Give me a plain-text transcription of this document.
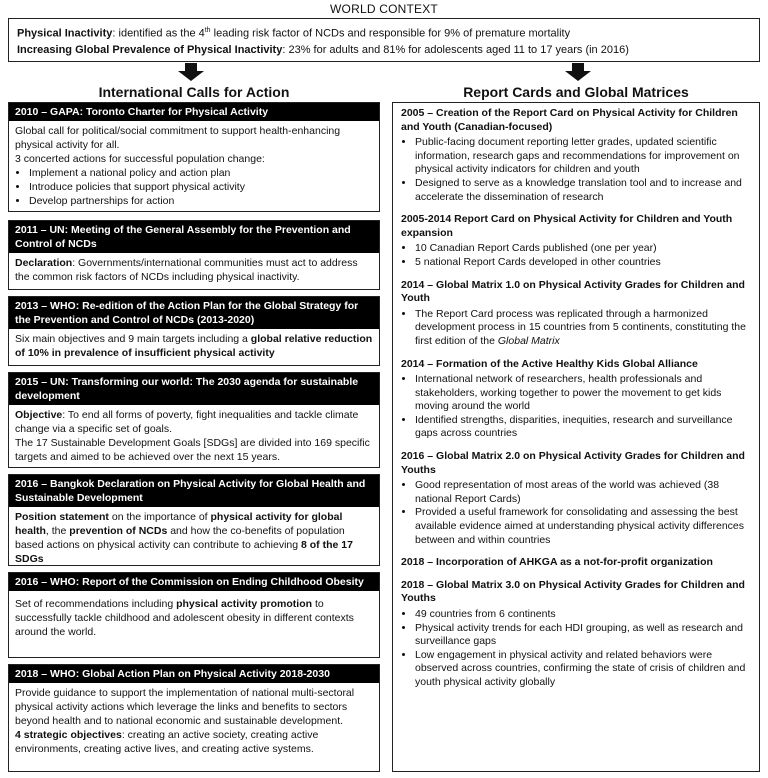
WORLD CONTEXT
Physical Inactivity: identified as the 4th leading risk factor of NCDs and responsible for 9% of premature mortality
Increasing Global Prevalence of Physical Inactivity: 23% for adults and 81% for adolescents aged 11 to 17 years (in 2016)
International Calls for Action	Report Cards and Global Matrices
2010 – GAPA: Toronto Charter for Physical Activity
Global call for political/social commitment to support health-enhancing physical activity for all.
3 concerted actions for successful population change:
• Implement a national policy and action plan
• Introduce policies that support physical activity
• Develop partnerships for action
2011 – UN: Meeting of the General Assembly for the Prevention and Control of NCDs
Declaration: Governments/international communities must act to address the common risk factors of NCDs including physical inactivity.
2013 – WHO: Re-edition of the Action Plan for the Global Strategy for the Prevention and Control of NCDs (2013-2020)
Six main objectives and 9 main targets including a global relative reduction of 10% in prevalence of insufficient physical activity
2015 – UN: Transforming our world: The 2030 agenda for sustainable development
Objective: To end all forms of poverty, fight inequalities and tackle climate change via a specific set of goals.
The 17 Sustainable Development Goals [SDGs] are divided into 169 specific targets and aimed to be achieved over the next 15 years.
2016 – Bangkok Declaration on Physical Activity for Global Health and Sustainable Development
Position statement on the importance of physical activity for global health, the prevention of NCDs and how the co-benefits of population based actions on physical activity can contribute to achieving 8 of the 17 SDGs
2016 – WHO: Report of the Commission on Ending Childhood Obesity
Set of recommendations including physical activity promotion to successfully tackle childhood and adolescent obesity in different contexts around the world.
2018 – WHO: Global Action Plan on Physical Activity 2018-2030
Provide guidance to support the implementation of national multi-sectoral physical activity actions which leverage the links and benefits to sectors beyond health and to national economic and sustainable development.
4 strategic objectives: creating an active society, creating active environments, creating active lives, and creating active systems.
2005 – Creation of the Report Card on Physical Activity for Children and Youth (Canadian-focused)
• Public-facing document reporting letter grades, updated scientific information, research gaps and recommendations for improvement on physical activity indicators for children and youth
• Designed to serve as a knowledge translation tool and to increase and accelerate the dissemination of research
2005-2014 Report Card on Physical Activity for Children and Youth expansion
• 10 Canadian Report Cards published (one per year)
• 5 national Report Cards developed in other countries
2014 – Global Matrix 1.0 on Physical Activity Grades for Children and Youth
• The Report Card process was replicated through a harmonized development process in 15 countries from 5 continents, constituting the first edition of the Global Matrix
2014 – Formation of the Active Healthy Kids Global Alliance
• International network of researchers, health professionals and stakeholders, working together to power the movement to get kids moving around the world
• Identified strengths, disparities, inequities, research and surveillance gaps across countries
2016 – Global Matrix 2.0 on Physical Activity Grades for Children and Youths
• Good representation of most areas of the world was achieved (38 national Report Cards)
• Provided a useful framework for consolidating and assessing the best available evidence aimed at understanding physical activity differences between and within countries
2018 – Incorporation of AHKGA as a not-for-profit organization
2018 – Global Matrix 3.0 on Physical Activity Grades for Children and Youths
• 49 countries from 6 continents
• Physical activity trends for each HDI grouping, as well as research and surveillance gaps
• Low engagement in physical activity and related behaviors were observed across countries, confirming the state of crisis of children and youth physical activity globally
